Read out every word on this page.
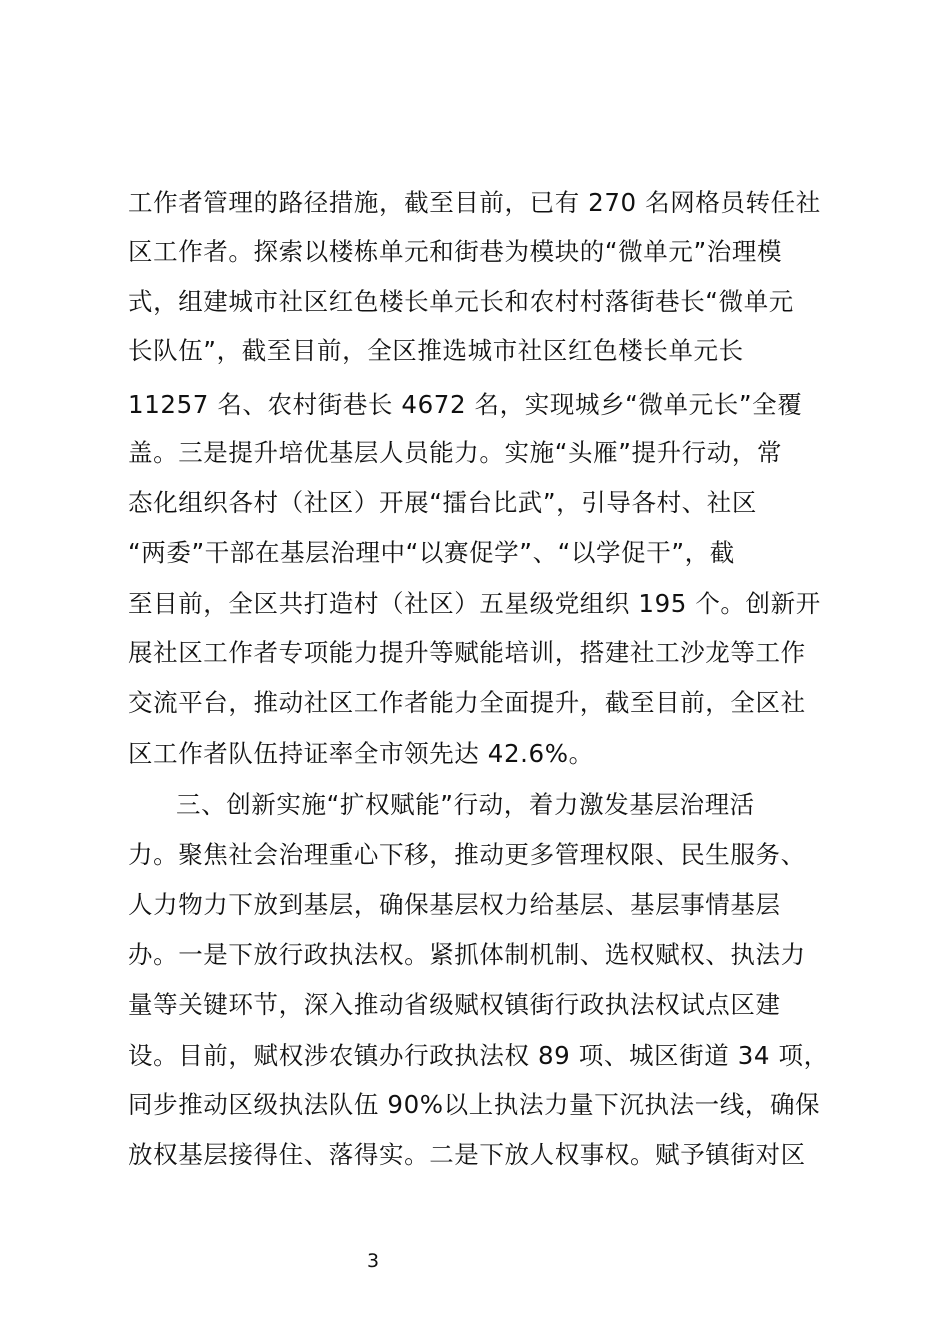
工作者管理的路径措施，截至目前，已有 270 名网格员转任社
区工作者。探索以楼栋单元和街巷为模块的“微单元”治理模
式，组建城市社区红色楼长单元长和农村村落街巷长“微单元
长队伍”，截至目前，全区推选城市社区红色楼长单元长
11257 名、农村街巷长 4672 名，实现城乡“微单元长”全覆
盖。三是提升培优基层人员能力。实施“头雁”提升行动，常
态化组织各村（社区）开展“擂台比武”，引导各村、社区
“两委”干部在基层治理中“以赛促学”、“以学促干”，截
至目前，全区共打造村（社区）五星级党组织 195 个。创新开
展社区工作者专项能力提升等赋能培训，搭建社工沙龙等工作
交流平台，推动社区工作者能力全面提升，截至目前，全区社
区工作者队伍持证率全市领先达 42.6%。
三、创新实施“扩权赋能”行动，着力激发基层治理活
力。聚焦社会治理重心下移，推动更多管理权限、民生服务、
人力物力下放到基层，确保基层权力给基层、基层事情基层
办。一是下放行政执法权。紧抓体制机制、选权赋权、执法力
量等关键环节，深入推动省级赋权镇街行政执法权试点区建
设。目前，赋权涉农镇办行政执法权 89 项、城区街道 34 项，
同步推动区级执法队伍 90%以上执法力量下沉执法一线，确保
放权基层接得住、落得实。二是下放人权事权。赋予镇街对区
3
